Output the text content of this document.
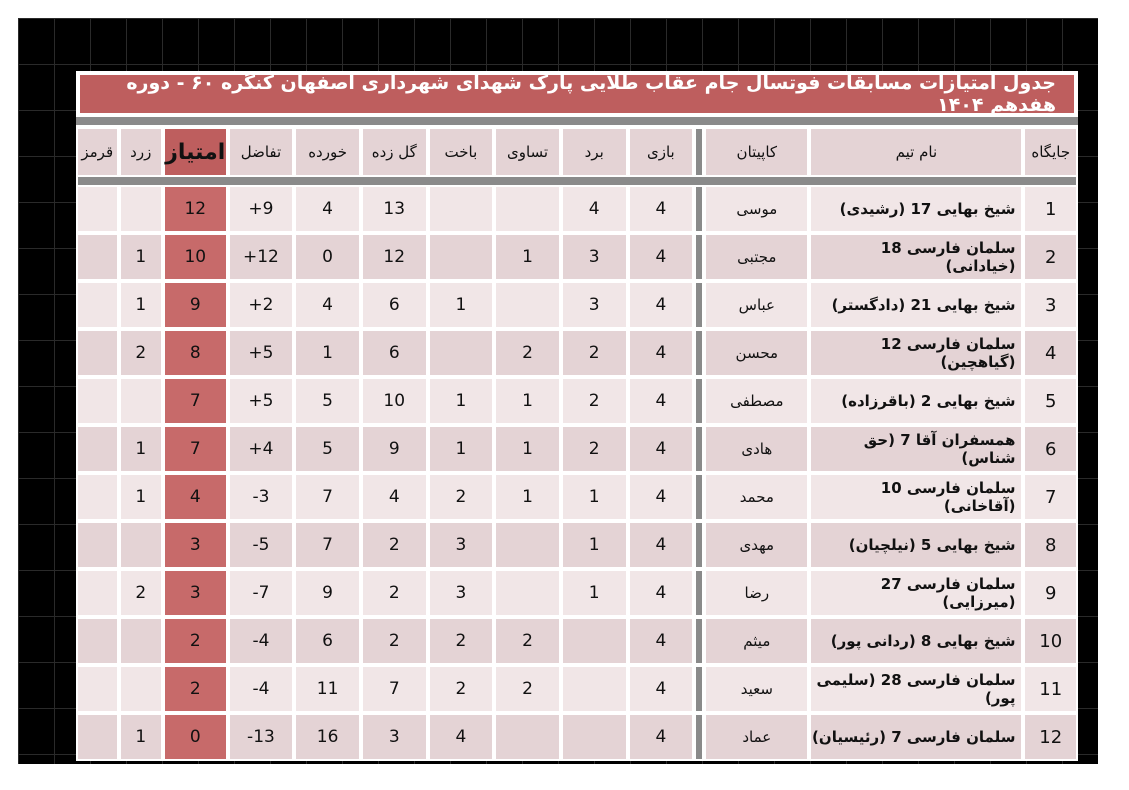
جدول امتیازات مسابقات فوتسال جام عقاب طلایی پارک شهدای شهرداری اصفهان کنگره ۶۰ - دوره هفدهم ۱۴۰۴
جایگاه	نام تیم	کاپیتان		بازی	برد	تساوی	باخت	گل زده	خورده	تفاضل	امتیاز	زرد	قرمز

1	شیخ بهایی 17 (رشیدی)	موسی		4	4			13	4	9+	12		
2	سلمان فارسی 18 (خیادانی)	مجتبی		4	3	1		12	0	12+	10	1	
3	شیخ بهایی 21 (دادگستر)	عباس		4	3		1	6	4	2+	9	1	
4	سلمان فارسی 12 (گیاهچین)	محسن		4	2	2		6	1	5+	8	2	
5	شیخ بهایی 2 (باقرزاده)	مصطفی		4	2	1	1	10	5	5+	7		
6	همسفران آقا 7 (حق شناس)	هادی		4	2	1	1	9	5	4+	7	1	
7	سلمان فارسی 10 (آقاخانی)	محمد		4	1	1	2	4	7	3-	4	1	
8	شیخ بهایی 5 (نیلچیان)	مهدی		4	1		3	2	7	5-	3		
9	سلمان فارسی 27 (میرزایی)	رضا		4	1		3	2	9	7-	3	2	
10	شیخ بهایی 8 (ردانی پور)	میثم		4		2	2	2	6	4-	2		
11	سلمان فارسی 28 (سلیمی پور)	سعید		4		2	2	7	11	4-	2		
12	سلمان فارسی 7 (رئیسیان)	عماد		4			4	3	16	13-	0	1	
